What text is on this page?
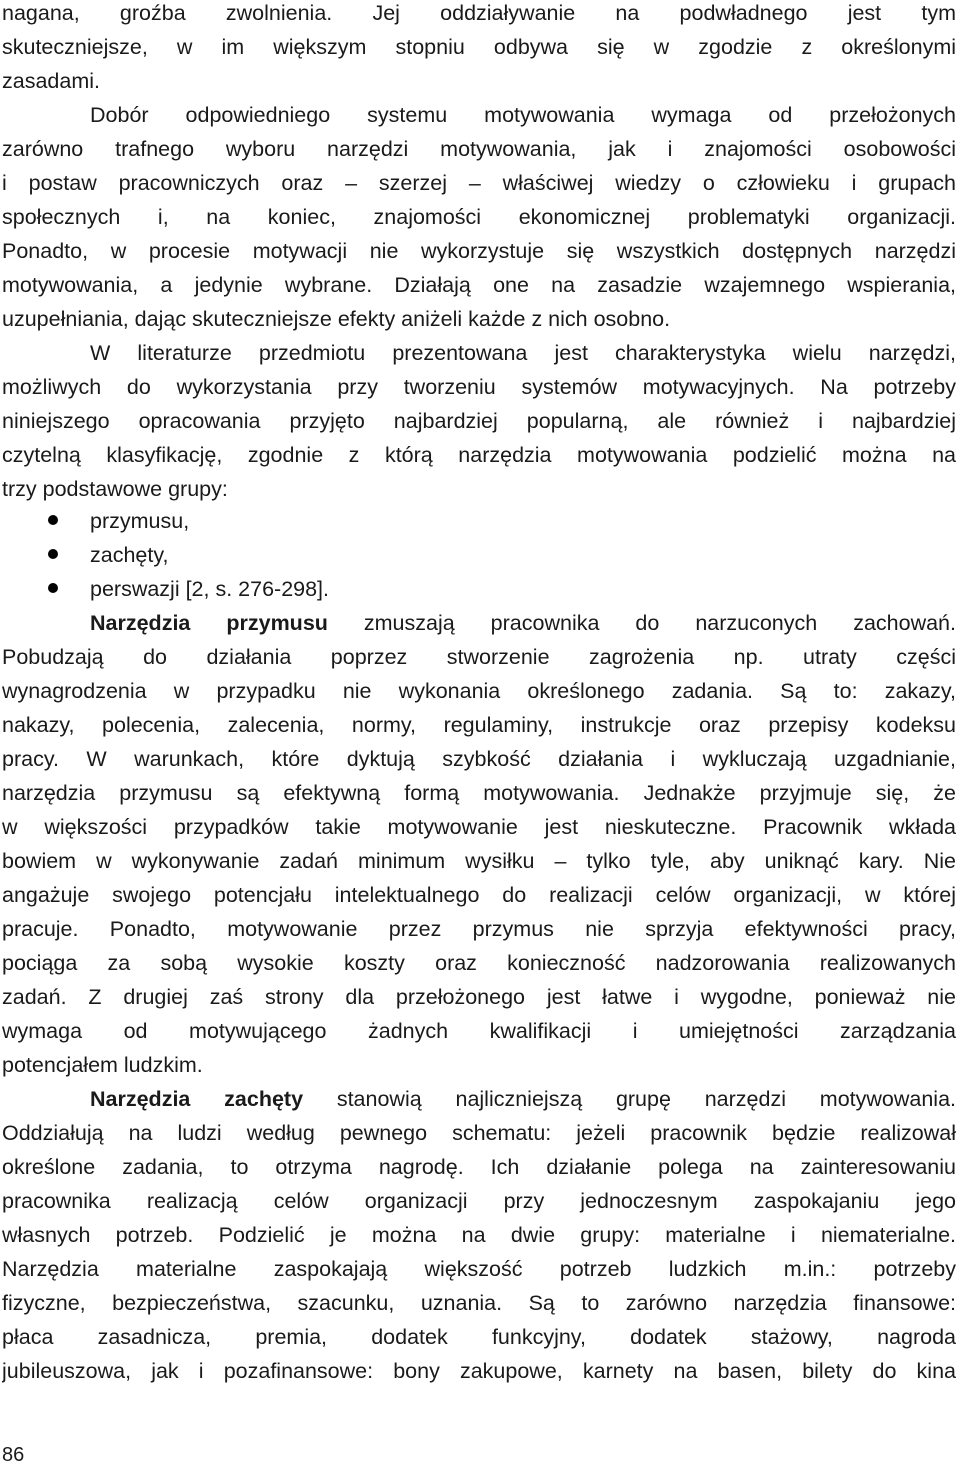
nagana, groźba zwolnienia. Jej oddziaływanie na podwładnego jest tym
skuteczniejsze, w im większym stopniu odbywa się w zgodzie z określonymi
zasadami.
Dobór odpowiedniego systemu motywowania wymaga od przełożonych
zarówno trafnego wyboru narzędzi motywowania, jak i znajomości osobowości
i postaw pracowniczych oraz – szerzej – właściwej wiedzy o człowieku i grupach
społecznych i, na koniec, znajomości ekonomicznej problematyki organizacji.
Ponadto, w procesie motywacji nie wykorzystuje się wszystkich dostępnych narzędzi
motywowania, a jedynie wybrane. Działają one na zasadzie wzajemnego wspierania,
uzupełniania, dając skuteczniejsze efekty aniżeli każde z nich osobno.
W literaturze przedmiotu prezentowana jest charakterystyka wielu narzędzi,
możliwych do wykorzystania przy tworzeniu systemów motywacyjnych. Na potrzeby
niniejszego opracowania przyjęto najbardziej popularną, ale również i najbardziej
czytelną klasyfikację, zgodnie z którą narzędzia motywowania podzielić można na
trzy podstawowe grupy:
przymusu,
zachęty,
perswazji [2, s. 276-298].
Narzędzia przymusu zmuszają pracownika do narzuconych zachowań.
Pobudzają do działania poprzez stworzenie zagrożenia np. utraty części
wynagrodzenia w przypadku nie wykonania określonego zadania. Są to: zakazy,
nakazy, polecenia, zalecenia, normy, regulaminy, instrukcje oraz przepisy kodeksu
pracy. W warunkach, które dyktują szybkość działania i wykluczają uzgadnianie,
narzędzia przymusu są efektywną formą motywowania. Jednakże przyjmuje się, że
w większości przypadków takie motywowanie jest nieskuteczne. Pracownik wkłada
bowiem w wykonywanie zadań minimum wysiłku – tylko tyle, aby uniknąć kary. Nie
angażuje swojego potencjału intelektualnego do realizacji celów organizacji, w której
pracuje. Ponadto, motywowanie przez przymus nie sprzyja efektywności pracy,
pociąga za sobą wysokie koszty oraz konieczność nadzorowania realizowanych
zadań. Z drugiej zaś strony dla przełożonego jest łatwe i wygodne, ponieważ nie
wymaga od motywującego żadnych kwalifikacji i umiejętności zarządzania
potencjałem ludzkim.
Narzędzia zachęty stanowią najliczniejszą grupę narzędzi motywowania.
Oddziałują na ludzi według pewnego schematu: jeżeli pracownik będzie realizował
określone zadania, to otrzyma nagrodę. Ich działanie polega na zainteresowaniu
pracownika realizacją celów organizacji przy jednoczesnym zaspokajaniu jego
własnych potrzeb. Podzielić je można na dwie grupy: materialne i niematerialne.
Narzędzia materialne zaspokajają większość potrzeb ludzkich m.in.: potrzeby
fizyczne, bezpieczeństwa, szacunku, uznania. Są to zarówno narzędzia finansowe:
płaca zasadnicza, premia, dodatek funkcyjny, dodatek stażowy, nagroda
jubileuszowa, jak i pozafinansowe: bony zakupowe, karnety na basen, bilety do kina
86
